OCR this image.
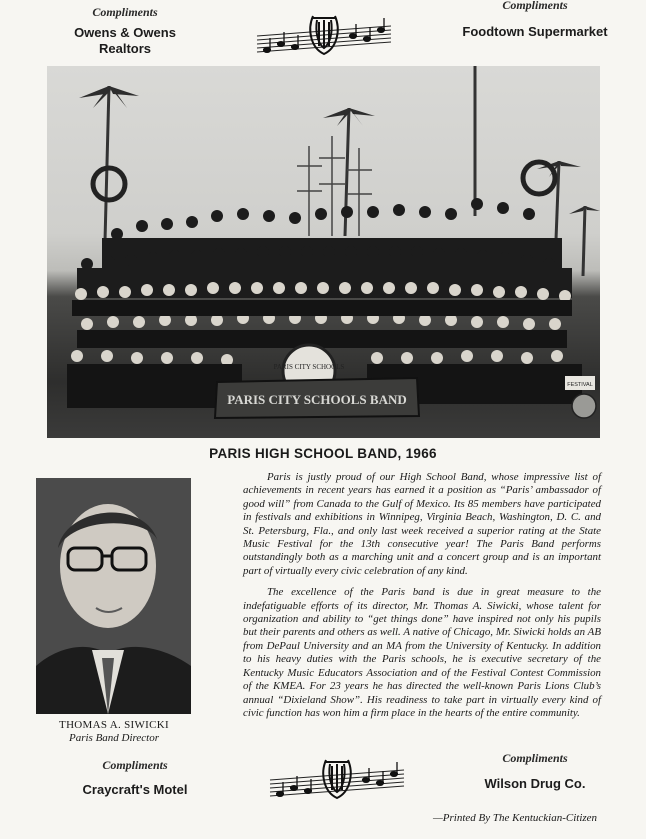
Compliments
Owens & Owens
Realtors
Compliments
Foodtown Supermarket
PARIS CITY SCHOOLS
PARIS CITY SCHOOLS BAND
FESTIVAL
PARIS HIGH SCHOOL BAND, 1966
THOMAS A. SIWICKI
Paris Band Director

Paris is justly proud of our High School Band, whose impressive list of achievements in recent years has earned it a position as “Paris’ ambassador of good will” from Canada to the Gulf of Mexico. Its 85 members have participated in festivals and exhibitions in Winnipeg, Virginia Beach, Washington, D. C. and St. Petersburg, Fla., and only last week received a superior rating at the State Music Festival for the 13th consecutive year! The Paris Band performs outstandingly both as a marching unit and a concert group and is an important part of virtually every civic celebration of any kind.

The excellence of the Paris band is due in great measure to the indefatiguable efforts of its director, Mr. Thomas A. Siwicki, whose talent for organization and ability to “get things done” have inspired not only his pupils but their parents and others as well. A native of Chicago, Mr. Siwicki holds an AB from DePaul University and an MA from the University of Kentucky. In addition to his heavy duties with the Paris schools, he is executive secretary of the Kentucky Music Educators Association and of the Festival Contest Commission of the KMEA. For 23 years he has directed the well-known Paris Lions Club’s annual “Dixieland Show”. His readiness to take part in virtually every kind of civic function has won him a firm place in the hearts of the entire community.

Compliments
Craycraft's Motel
Compliments
Wilson Drug Co.
—Printed By The Kentuckian-Citizen
